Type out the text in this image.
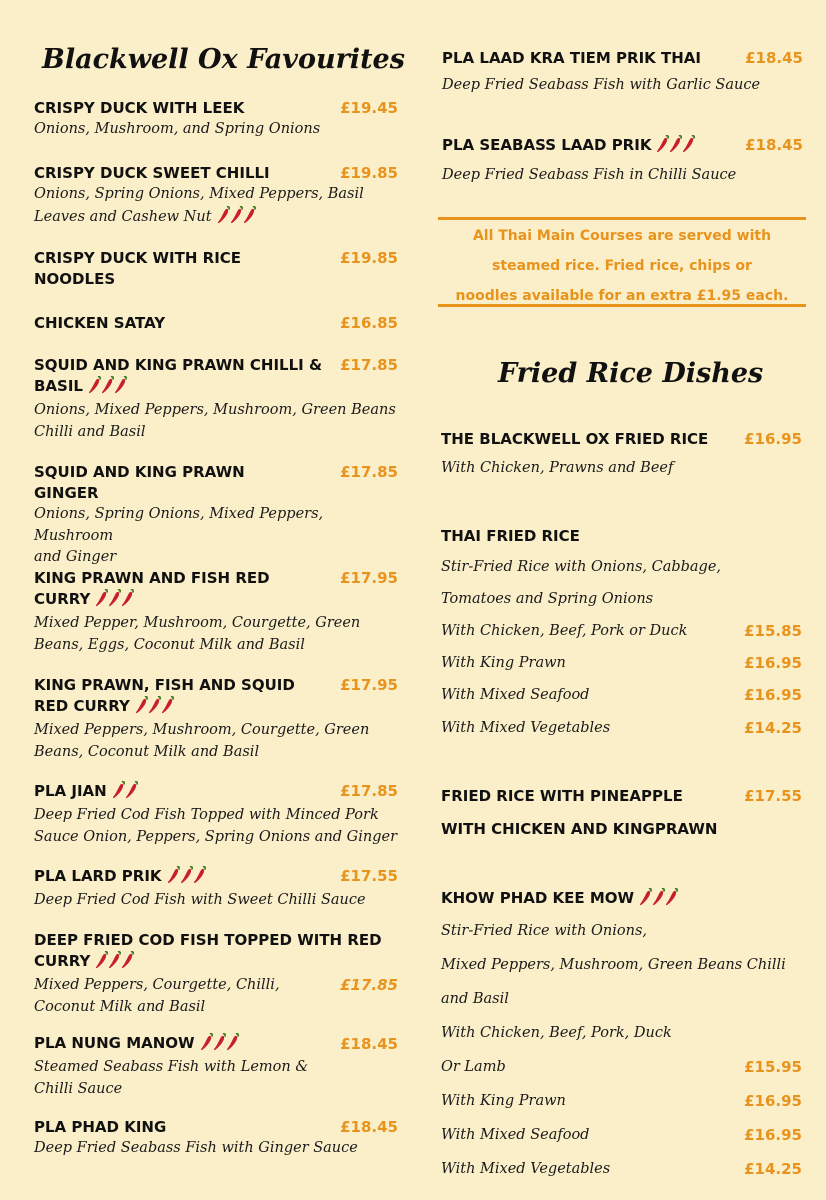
Blackwell Ox Favourites
CRISPY DUCK WITH LEEK	£19.45
Onions, Mushroom, and Spring Onions
CRISPY DUCK SWEET CHILLI	£19.85
Onions, Spring Onions, Mixed Peppers, Basil
Leaves and Cashew Nut
CRISPY DUCK WITH RICE
NOODLES
£19.85
CHICKEN SATAY	£16.85
SQUID AND KING PRAWN CHILLI &
BASIL
£17.85
Onions, Mixed Peppers, Mushroom, Green Beans
Chilli and Basil
SQUID AND KING PRAWN
GINGER
£17.85
Onions, Spring Onions, Mixed Peppers, Mushroom
and Ginger
KING PRAWN AND FISH RED
CURRY
£17.95
Mixed Pepper, Mushroom, Courgette, Green
Beans, Eggs, Coconut Milk and Basil
KING PRAWN, FISH AND SQUID
RED CURRY
£17.95
Mixed Peppers, Mushroom, Courgette, Green
Beans, Coconut Milk and Basil
PLA JIAN	£17.85
Deep Fried Cod Fish Topped with Minced Pork
Sauce Onion, Peppers, Spring Onions and Ginger
PLA LARD PRIK	£17.55
Deep Fried Cod Fish with Sweet Chilli Sauce
DEEP FRIED COD FISH TOPPED WITH RED
CURRY
Mixed Peppers, Courgette, Chilli,	£17.85
Coconut Milk and Basil
PLA NUNG MANOW	£18.45
Steamed Seabass Fish with Lemon &
Chilli Sauce
PLA PHAD KING	£18.45
Deep Fried Seabass Fish with Ginger Sauce
PLA LAAD KRA TIEM PRIK THAI	£18.45
Deep Fried Seabass Fish with Garlic Sauce
PLA SEABASS LAAD PRIK	£18.45
Deep Fried Seabass Fish in Chilli Sauce
All Thai Main Courses are served with
steamed rice. Fried rice, chips or
noodles available for an extra £1.95 each.
Fried Rice Dishes
THE BLACKWELL OX FRIED RICE	£16.95
With Chicken, Prawns and Beef
THAI FRIED RICE
Stir-Fried Rice with Onions, Cabbage,
Tomatoes and Spring Onions
With Chicken, Beef, Pork or Duck	£15.85
With King Prawn	£16.95
With Mixed Seafood	£16.95
With Mixed Vegetables	£14.25
FRIED RICE WITH PINEAPPLE	£17.55
WITH CHICKEN AND KINGPRAWN
KHOW PHAD KEE MOW
Stir-Fried Rice with Onions,
Mixed Peppers, Mushroom, Green Beans Chilli
and Basil
With Chicken, Beef, Pork, Duck
Or Lamb	£15.95
With King Prawn	£16.95
With Mixed Seafood	£16.95
With Mixed Vegetables	£14.25
